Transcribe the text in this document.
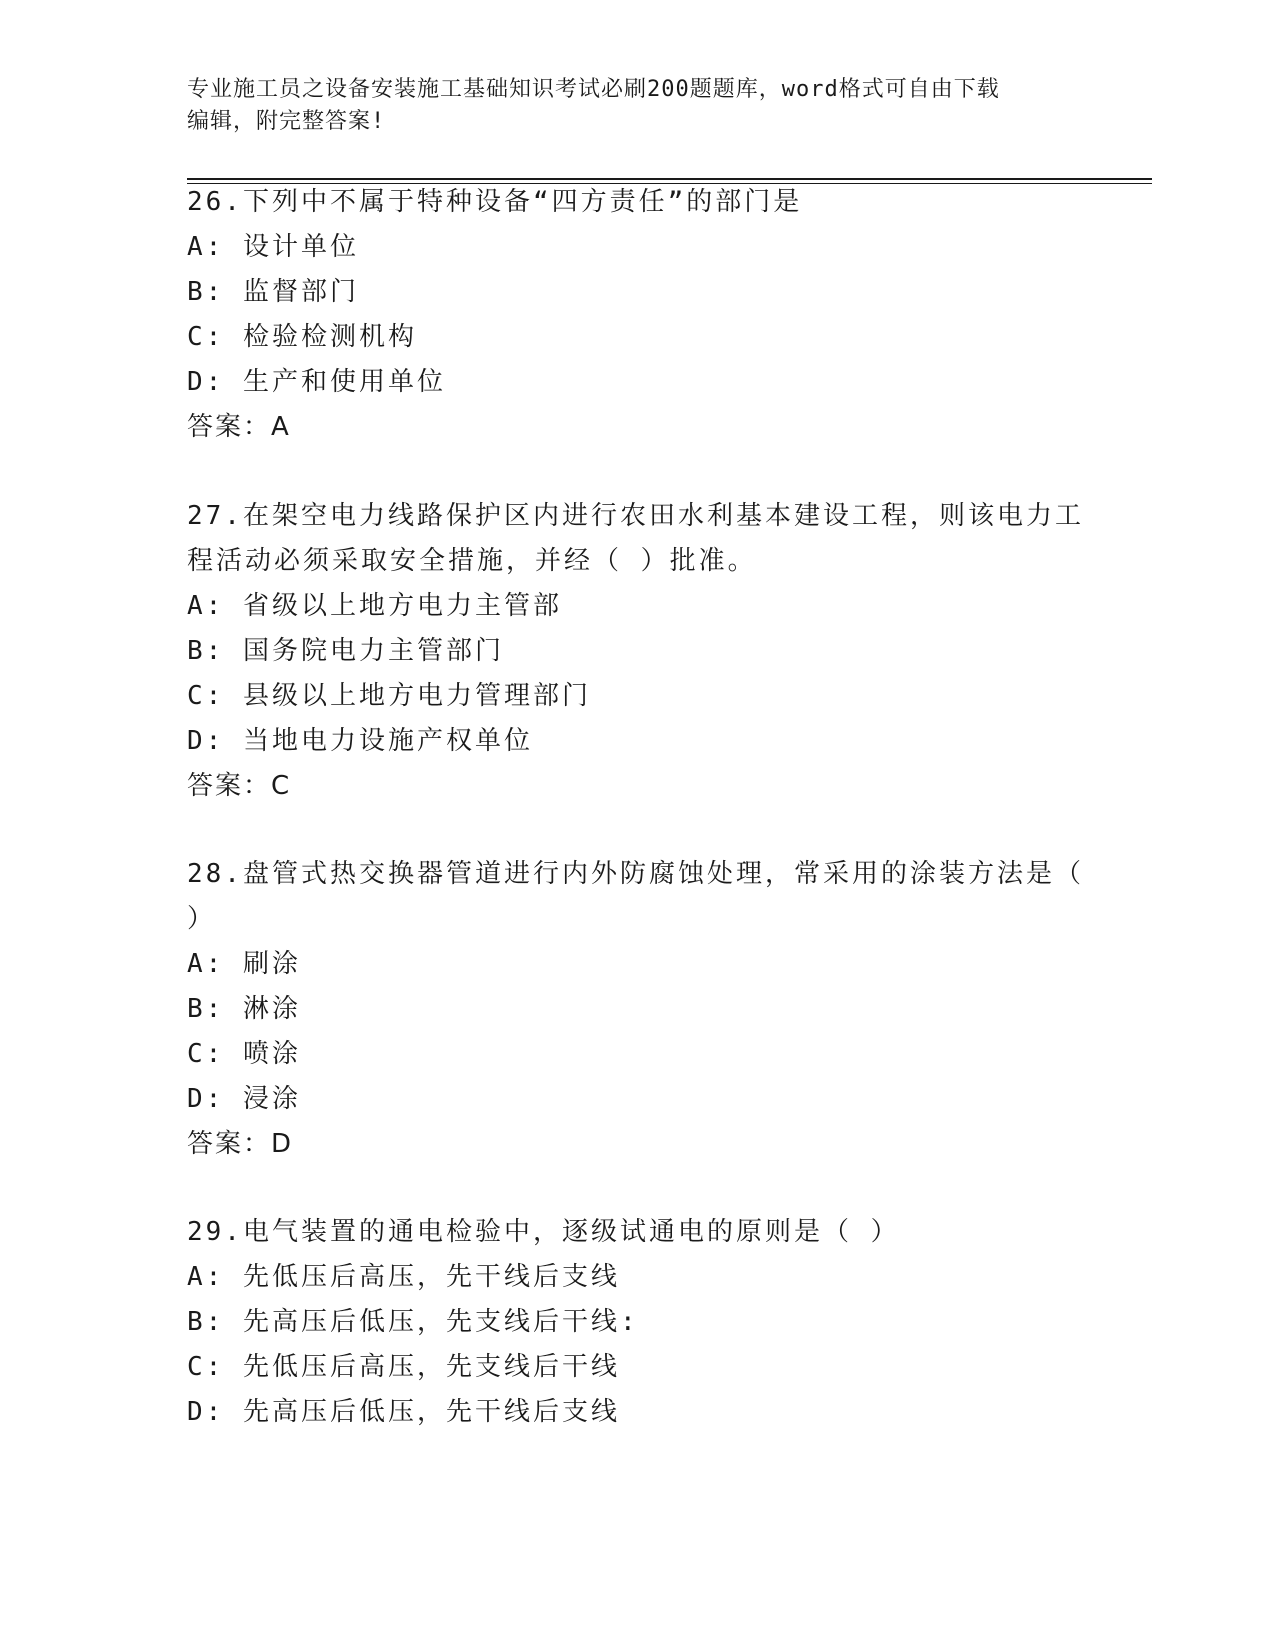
专业施工员之设备安装施工基础知识考试必刷200题题库，word格式可自由下载
编辑，附完整答案!
26.下列中不属于特种设备“四方责任”的部门是
A: 设计单位
B: 监督部门
C: 检验检测机构
D: 生产和使用单位
答案：A
27.在架空电力线路保护区内进行农田水利基本建设工程，则该电力工
程活动必须采取安全措施，并经（ ）批准。
A: 省级以上地方电力主管部
B: 国务院电力主管部门
C: 县级以上地方电力管理部门
D: 当地电力设施产权单位
答案：C
28.盘管式热交换器管道进行内外防腐蚀处理，常采用的涂装方法是（
）
A: 刷涂
B: 淋涂
C: 喷涂
D: 浸涂
答案：D
29.电气装置的通电检验中，逐级试通电的原则是（ ）
A: 先低压后高压，先干线后支线
B: 先高压后低压，先支线后干线:
C: 先低压后高压，先支线后干线
D: 先高压后低压，先干线后支线
